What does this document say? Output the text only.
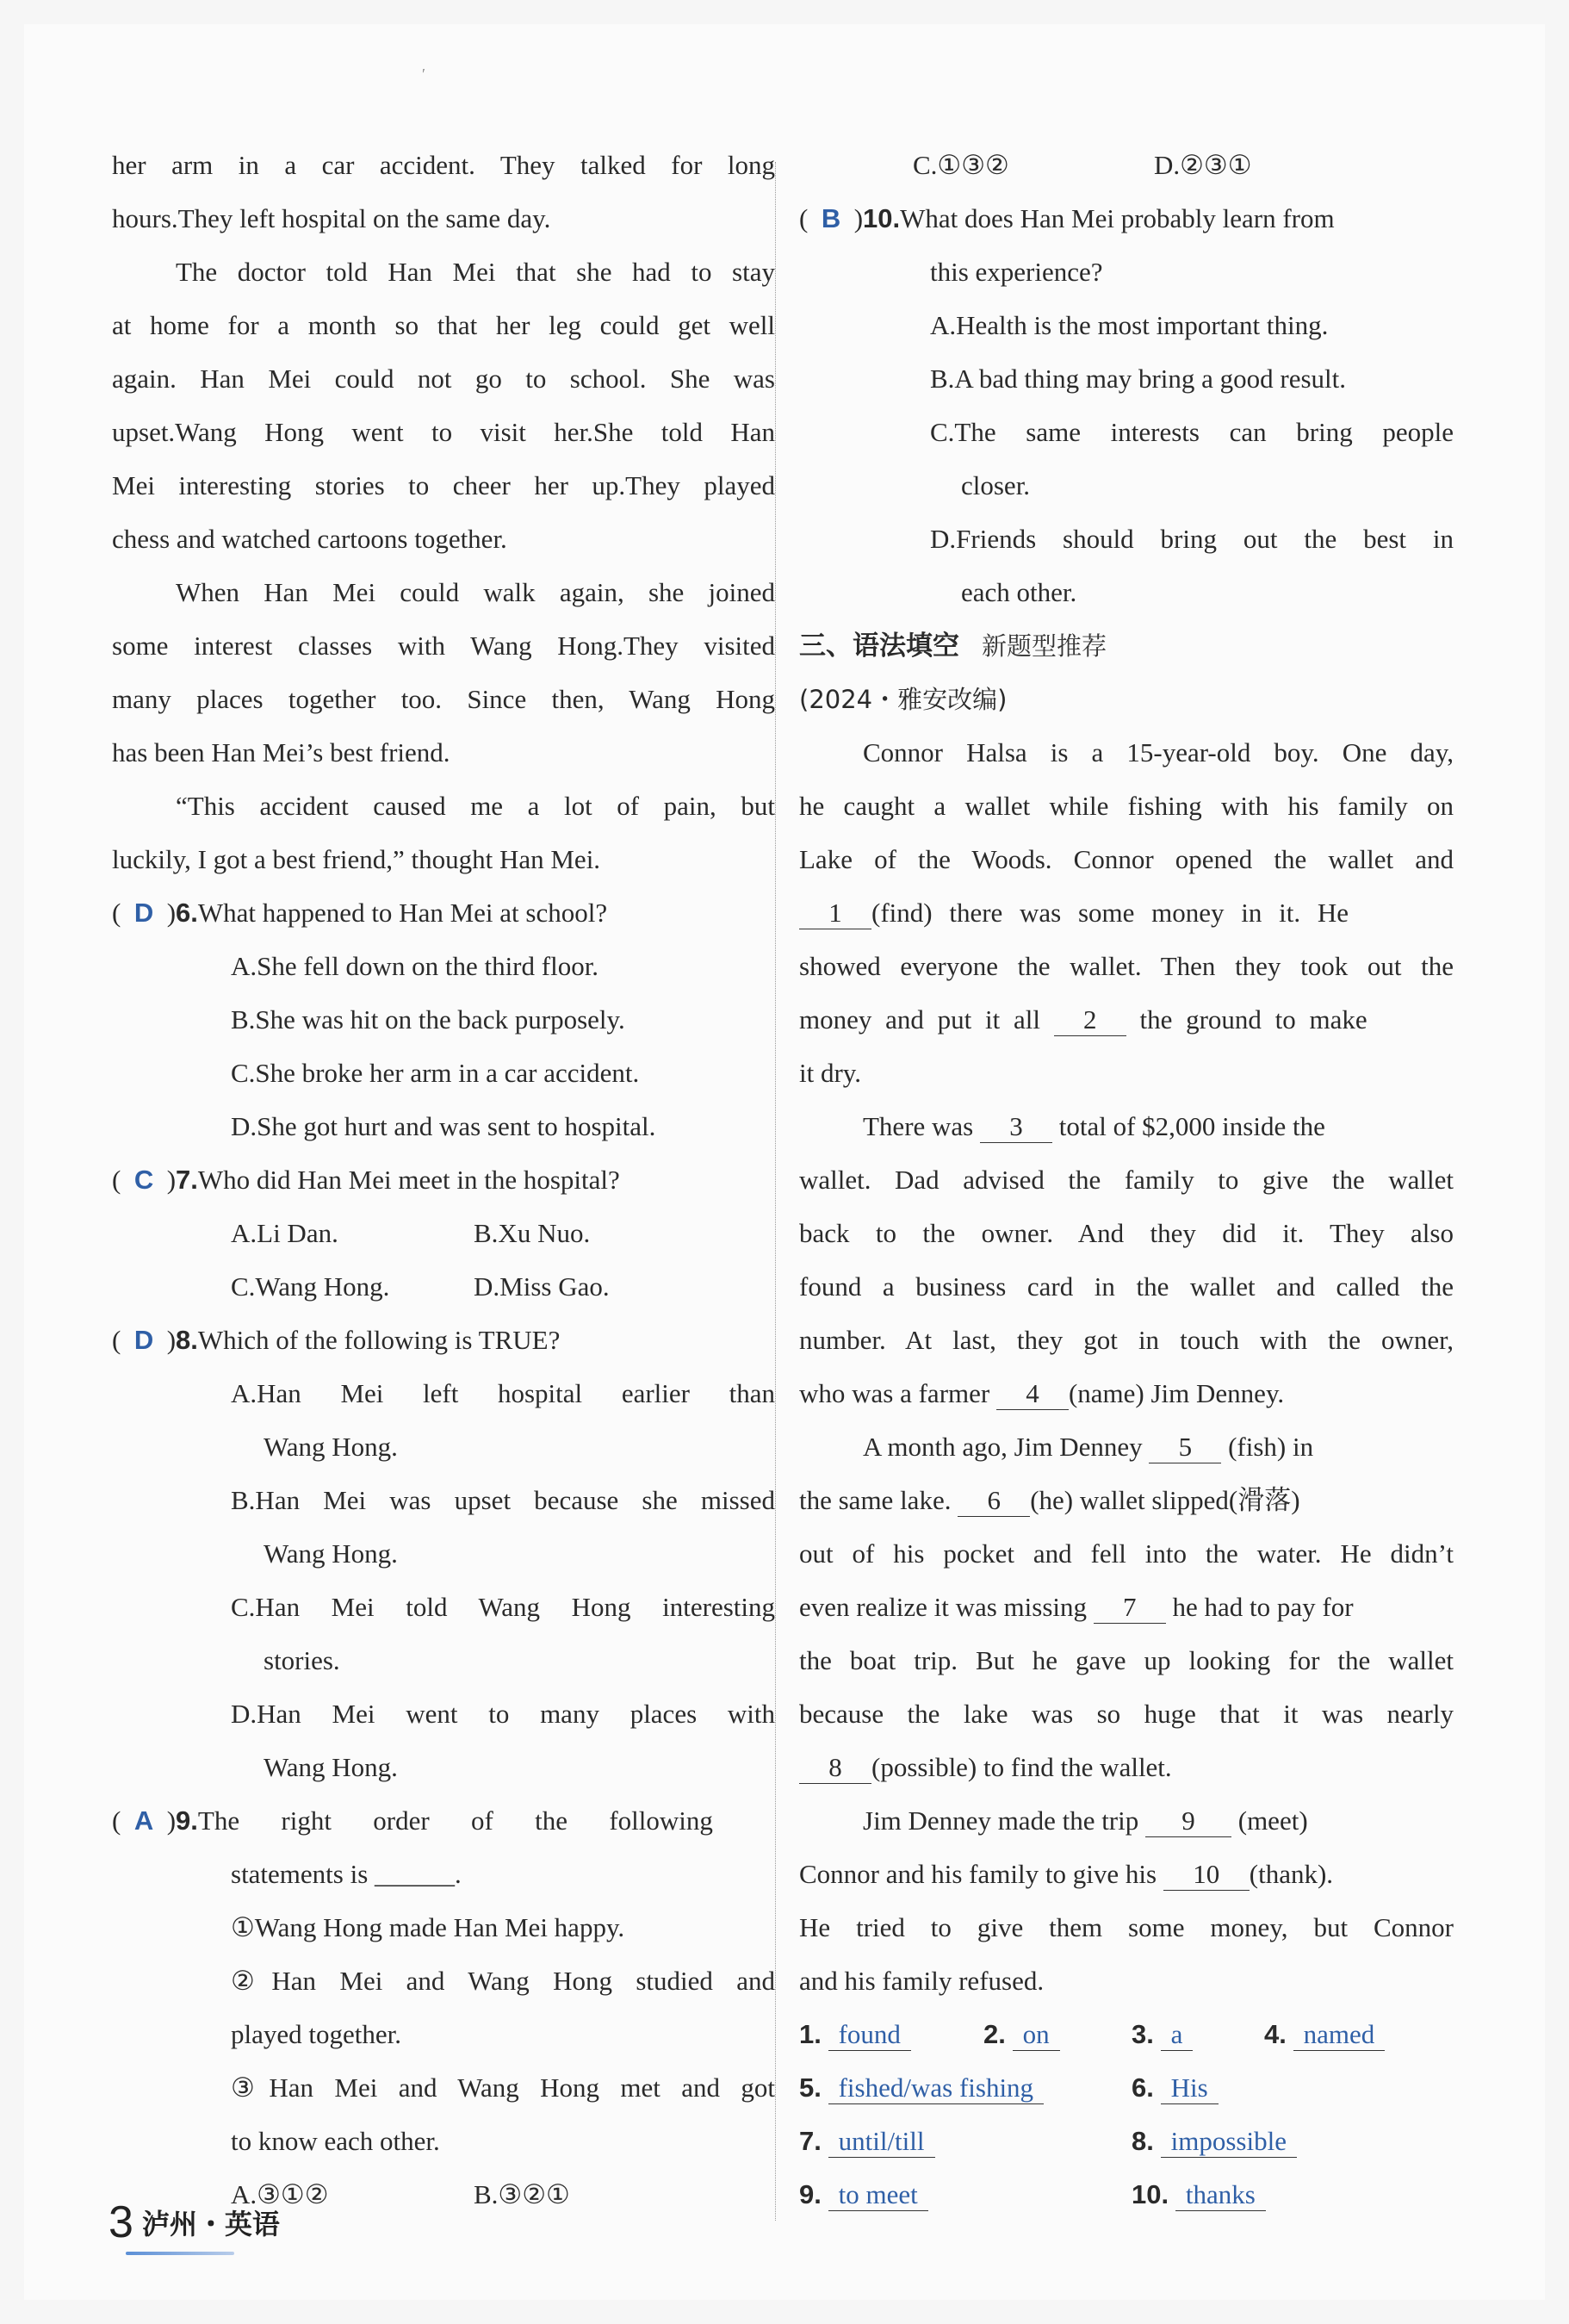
′
her arm in a car accident. They talked for long
hours.They left hospital on the same day.
The doctor told Han Mei that she had to stay
at home for a month so that her leg could get well
again. Han Mei could not go to school. She was
upset.Wang Hong went to visit her.She told Han
Mei interesting stories to cheer her up.They played
chess and watched cartoons together.
When Han Mei could walk again, she joined
some interest classes with Wang Hong.They visited
many places together too. Since then, Wang Hong
has been Han Mei’s best friend.
“This accident caused me a lot of pain, but
luckily, I got a best friend,” thought Han Mei.
(  D  )6.What happened to Han Mei at school?
A.She fell down on the third floor.
B.She was hit on the back purposely.
C.She broke her arm in a car accident.
D.She got hurt and was sent to hospital.
(  C  )7.Who did Han Mei meet in the hospital?
A.Li Dan.	B.Xu Nuo.
C.Wang Hong.	D.Miss Gao.
(  D  )8.Which of the following is TRUE?
A.Han Mei left hospital earlier than
Wang Hong.
B.Han Mei was upset because she missed
Wang Hong.
C.Han Mei told Wang Hong interesting
stories.
D.Han Mei went to many places with
Wang Hong.
(  A  )9.The right order of the following
statements is ______.
①Wang Hong made Han Mei happy.
②Han Mei and Wang Hong studied and
played together.
③Han Mei and Wang Hong met and got
to know each other.
A.③①②	B.③②①
C.①③②	D.②③①
(  B  )10.What does Han Mei probably learn from
this experience?
A.Health is the most important thing.
B.A bad thing may bring a good result.
C.The same interests can bring people
closer.
D.Friends should bring out the best in
each other.
三、语法填空 新题型推荐
(2024・雅安改编)
Connor Halsa is a 15-year-old boy. One day,
he caught a wallet while fishing with his family on
Lake of the Woods. Connor opened the wallet and
1 (find) there was some money in it. He
showed everyone the wallet. Then they took out the
money and put it all 2 the ground to make
it dry.
There was 3 total of $2,000 inside the
wallet. Dad advised the family to give the wallet
back to the owner. And they did it. They also
found a business card in the wallet and called the
number. At last, they got in touch with the owner,
who was a farmer 4 (name) Jim Denney.
A month ago, Jim Denney 5 (fish) in
the same lake. 6 (he) wallet slipped(滑落)
out of his pocket and fell into the water. He didn’t
even realize it was missing 7 he had to pay for
the boat trip. But he gave up looking for the wallet
because the lake was so huge that it was nearly
8 (possible) to find the wallet.
Jim Denney made the trip 9 (meet)
Connor and his family to give his 10 (thank).
He tried to give them some money, but Connor
and his family refused.
1. found	2. on	3. a	4. named
5. fished/was fishing	6. His
7. until/till	8. impossible
9. to meet	10. thanks
3 泸州・英语
